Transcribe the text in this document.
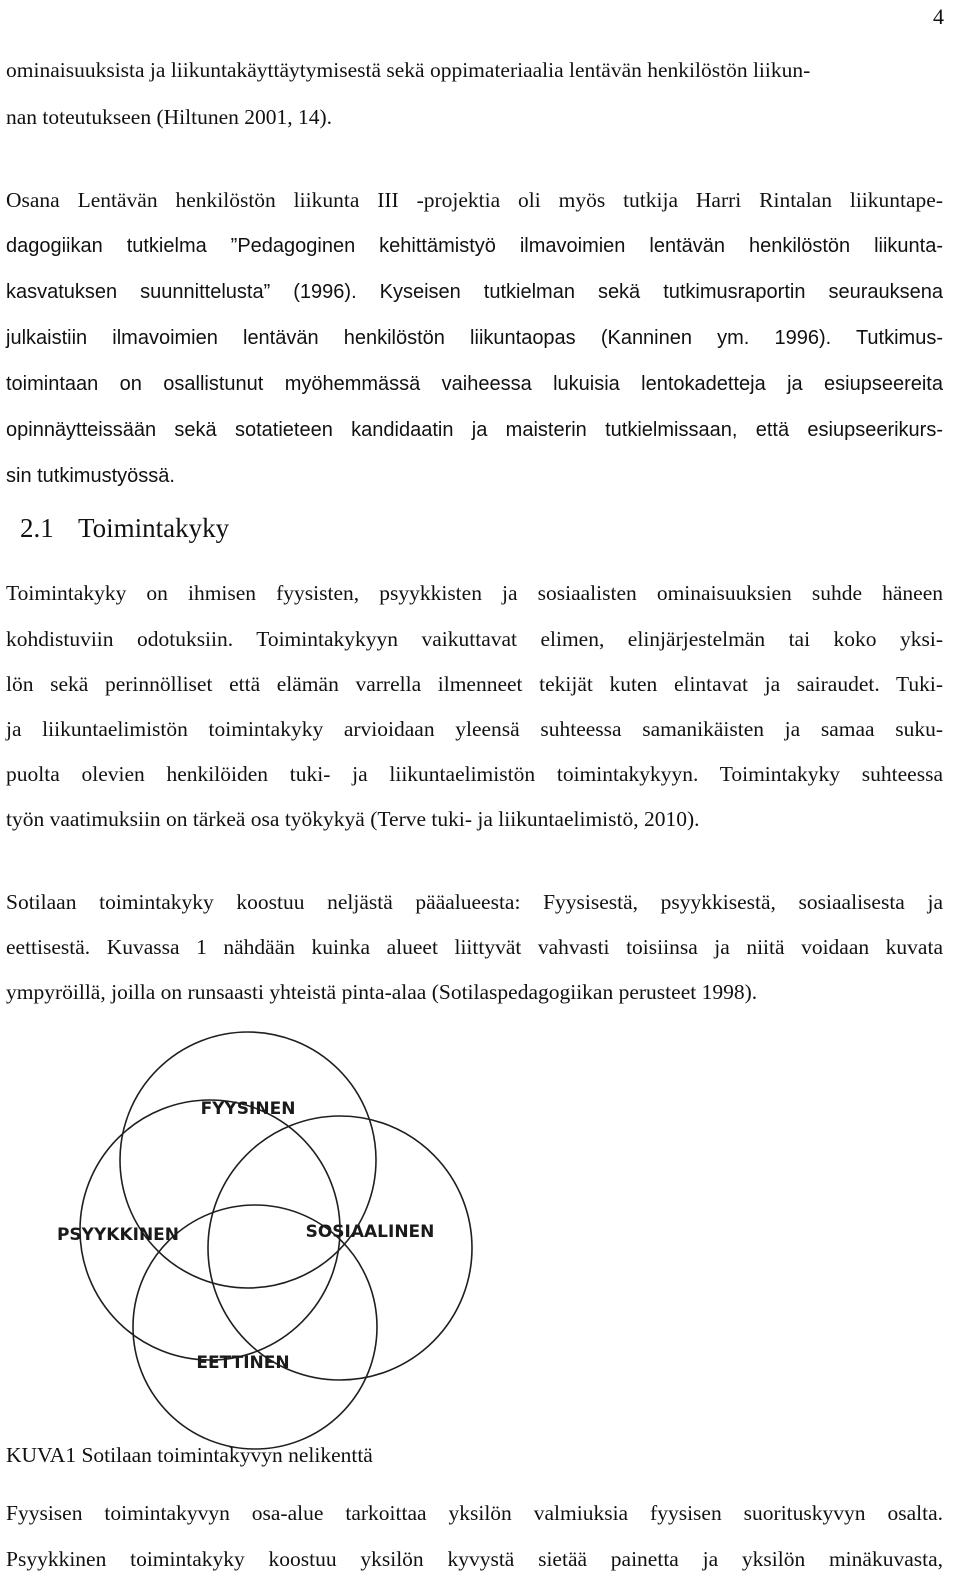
4
ominaisuuksista ja liikuntakäyttäytymisestä sekä oppimateriaalia lentävän henkilöstön liikun-
nan toteutukseen (Hiltunen 2001, 14).
Osana Lentävän henkilöstön liikunta III -projektia oli myös tutkija Harri Rintalan liikuntape-
dagogiikan tutkielma ”Pedagoginen kehittämistyö ilmavoimien lentävän henkilöstön liikunta-
kasvatuksen suunnittelusta” (1996). Kyseisen tutkielman sekä tutkimusraportin seurauksena
julkaistiin ilmavoimien lentävän henkilöstön liikuntaopas (Kanninen ym. 1996). Tutkimus-
toimintaan on osallistunut myöhemmässä vaiheessa lukuisia lentokadetteja ja esiupseereita
opinnäytteissään sekä sotatieteen kandidaatin ja maisterin tutkielmissaan, että esiupseerikurs-
sin tutkimustyössä.
2.1 Toimintakyky
Toimintakyky on ihmisen fyysisten, psyykkisten ja sosiaalisten ominaisuuksien suhde häneen
kohdistuviin odotuksiin. Toimintakykyyn vaikuttavat elimen, elinjärjestelmän tai koko yksi-
lön sekä perinnölliset että elämän varrella ilmenneet tekijät kuten elintavat ja sairaudet. Tuki-
ja liikuntaelimistön toimintakyky arvioidaan yleensä suhteessa samanikäisten ja samaa suku-
puolta olevien henkilöiden tuki- ja liikuntaelimistön toimintakykyyn. Toimintakyky suhteessa
työn vaatimuksiin on tärkeä osa työkykyä (Terve tuki- ja liikuntaelimistö, 2010).
Sotilaan toimintakyky koostuu neljästä pääalueesta: Fyysisestä, psyykkisestä, sosiaalisesta ja
eettisestä. Kuvassa 1 nähdään kuinka alueet liittyvät vahvasti toisiinsa ja niitä voidaan kuvata
ympyröillä, joilla on runsaasti yhteistä pinta-alaa (Sotilaspedagogiikan perusteet 1998).
FYYSINEN
PSYYKKINEN	SOSIAALINEN
EETTINEN
KUVA1 Sotilaan toimintakyvyn nelikenttä
Fyysisen toimintakyvyn osa-alue tarkoittaa yksilön valmiuksia fyysisen suorituskyvyn osalta.
Psyykkinen toimintakyky koostuu yksilön kyvystä sietää painetta ja yksilön minäkuvasta,
